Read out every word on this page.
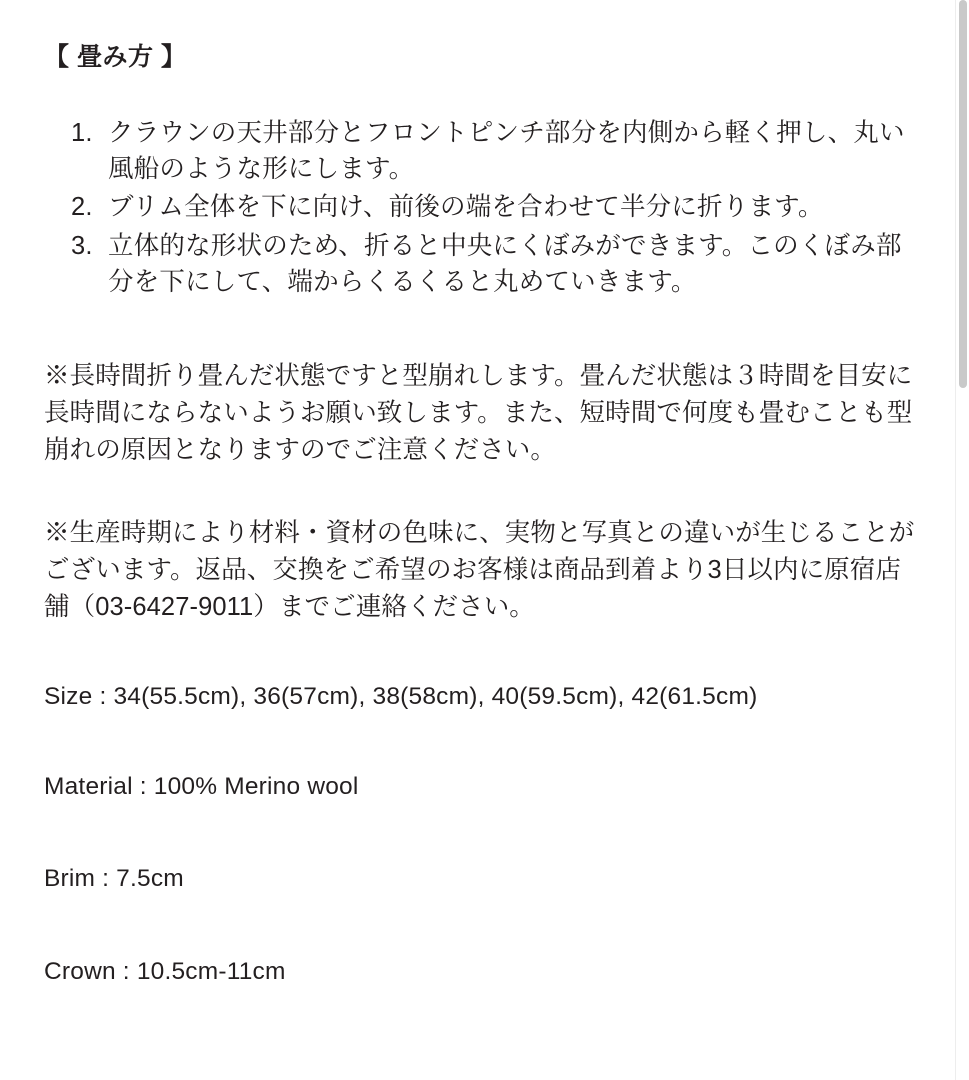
【 畳み方 】
1. クラウンの天井部分とフロントピンチ部分を内側から軽く押し、丸い風船のような形にします。
2. ブリム全体を下に向け、前後の端を合わせて半分に折ります。
3. 立体的な形状のため、折ると中央にくぼみができます。このくぼみ部分を下にして、端からくるくると丸めていきます。

※長時間折り畳んだ状態ですと型崩れします。畳んだ状態は３時間を目安に長時間にならないようお願い致します。また、短時間で何度も畳むことも型崩れの原因となりますのでご注意ください。

※生産時期により材料・資材の色味に、実物と写真との違いが生じることがございます。返品、交換をご希望のお客様は商品到着より3日以内に原宿店舗（03-6427-9011）までご連絡ください。

Size : 34(55.5cm), 36(57cm), 38(58cm), 40(59.5cm), 42(61.5cm)

Material : 100% Merino wool

Brim : 7.5cm

Crown : 10.5cm-11cm
